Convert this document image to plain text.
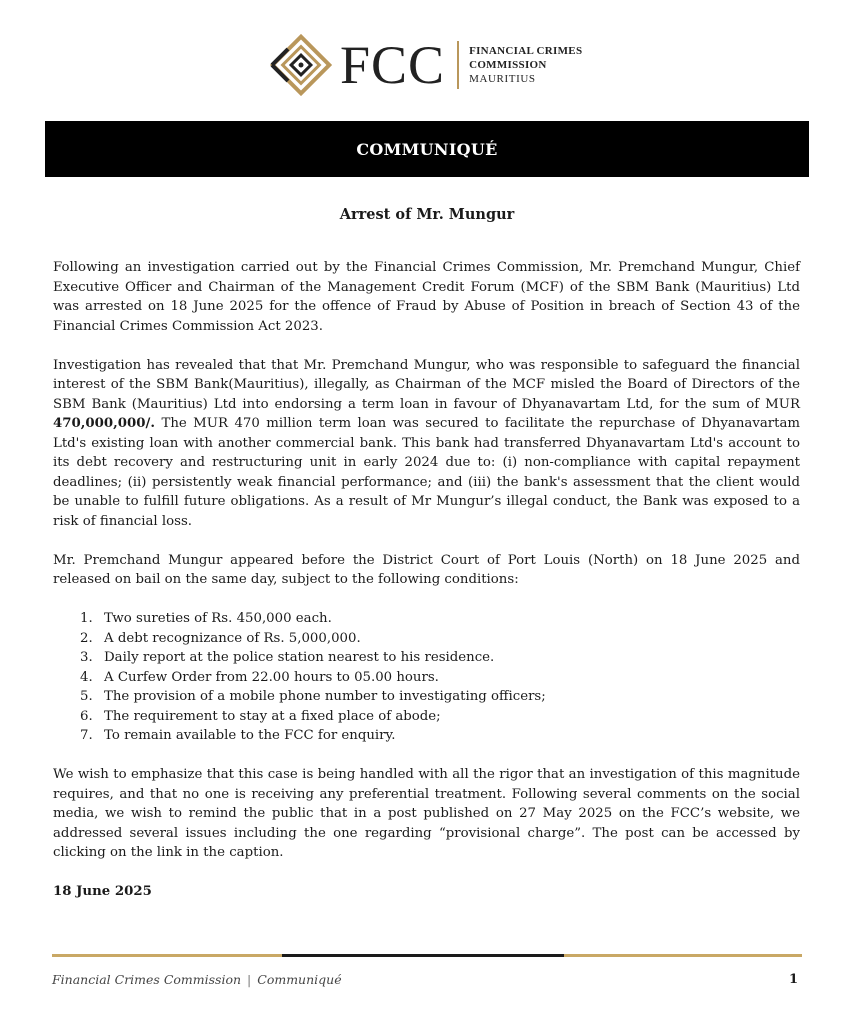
FCC FINANCIAL CRIMES
COMMISSION
MAURITIUS
COMMUNIQUÉ
Arrest of Mr. Mungur

Following an investigation carried out by the Financial Crimes Commission, Mr. Premchand Mungur, Chief Executive Officer and Chairman of the Management Credit Forum (MCF) of the SBM Bank (Mauritius) Ltd was arrested on 18 June 2025 for the offence of Fraud by Abuse of Position in breach of Section 43 of the Financial Crimes Commission Act 2023.

Investigation has revealed that that Mr. Premchand Mungur, who was responsible to safeguard the financial interest of the SBM Bank(Mauritius), illegally, as Chairman of the MCF misled the Board of Directors of the SBM Bank (Mauritius) Ltd into endorsing a term loan in favour of Dhyanavartam Ltd, for the sum of MUR 470,000,000/. The MUR 470 million term loan was secured to facilitate the repurchase of Dhyanavartam Ltd's existing loan with another commercial bank. This bank had transferred Dhyanavartam Ltd's account to its debt recovery and restructuring unit in early 2024 due to: (i) non-compliance with capital repayment deadlines; (ii) persistently weak financial performance; and (iii) the bank's assessment that the client would be unable to fulfill future obligations. As a result of Mr Mungur’s illegal conduct, the Bank was exposed to a risk of financial loss.

Mr. Premchand Mungur appeared before the District Court of Port Louis (North) on 18 June 2025 and released on bail on the same day, subject to the following conditions:

1. Two sureties of Rs. 450,000 each.
2. A debt recognizance of Rs. 5,000,000.
3. Daily report at the police station nearest to his residence.
4. A Curfew Order from 22.00 hours to 05.00 hours.
5. The provision of a mobile phone number to investigating officers;
6. The requirement to stay at a fixed place of abode;
7. To remain available to the FCC for enquiry.

We wish to emphasize that this case is being handled with all the rigor that an investigation of this magnitude requires, and that no one is receiving any preferential treatment. Following several comments on the social media, we wish to remind the public that in a post published on 27 May 2025 on the FCC’s website, we addressed several issues including the one regarding “provisional charge”. The post can be accessed by clicking on the link in the caption.

18 June 2025
Financial Crimes Commission | Communiqué	1
